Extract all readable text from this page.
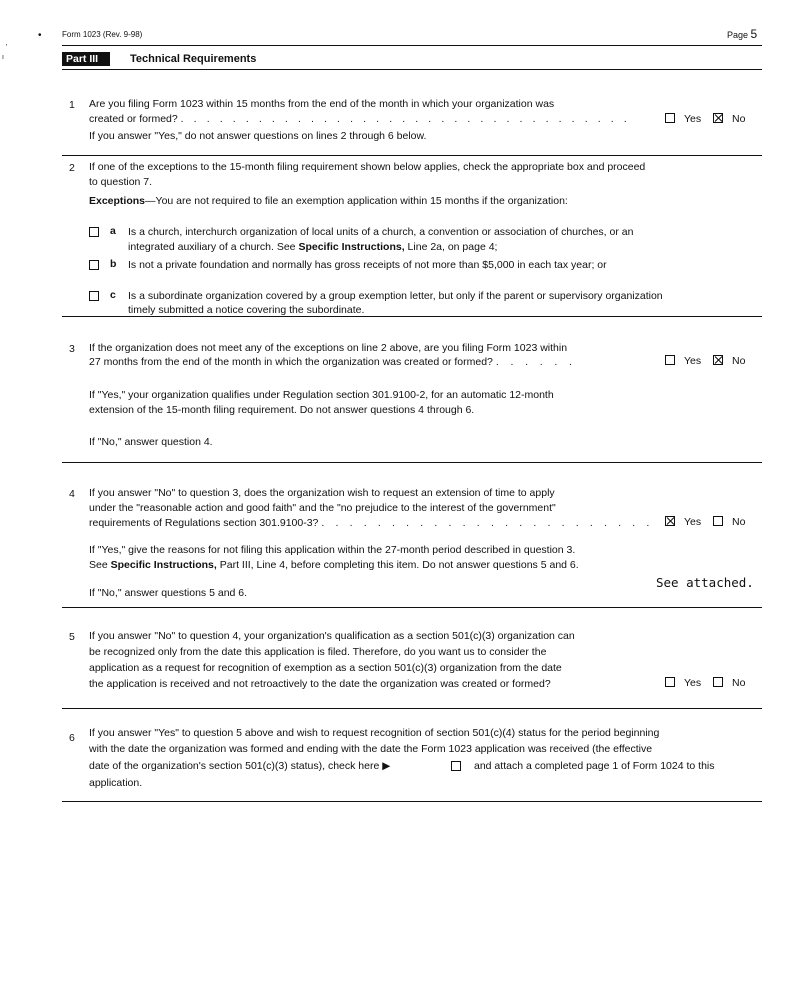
•
'
ı
Form 1023 (Rev. 9-98)	Page 5
Part III	Technical Requirements
1 Are you filing Form 1023 within 15 months from the end of the month in which your organization was
created or formed? . . . . . . . . . . . . . . . . . . . . . . . . . . . . . . . . . . .	Yes	No
If you answer "Yes," do not answer questions on lines 2 through 6 below.
2 If one of the exceptions to the 15-month filing requirement shown below applies, check the appropriate box and proceed
to question 7.
Exceptions—You are not required to file an exemption application within 15 months if the organization:
a Is a church, interchurch organization of local units of a church, a convention or association of churches, or an
integrated auxiliary of a church. See Specific Instructions, Line 2a, on page 4;
b Is not a private foundation and normally has gross receipts of not more than $5,000 in each tax year; or
c Is a subordinate organization covered by a group exemption letter, but only if the parent or supervisory organization
timely submitted a notice covering the subordinate.
3 If the organization does not meet any of the exceptions on line 2 above, are you filing Form 1023 within
27 months from the end of the month in which the organization was created or formed? . . . . . .	Yes	No
If "Yes," your organization qualifies under Regulation section 301.9100-2, for an automatic 12-month
extension of the 15-month filing requirement. Do not answer questions 4 through 6.
If "No," answer question 4.
4 If you answer "No" to question 3, does the organization wish to request an extension of time to apply
under the "reasonable action and good faith" and the "no prejudice to the interest of the government"
requirements of Regulations section 301.9100-3? . . . . . . . . . . . . . . . . . . . . . . . .	Yes	No
If "Yes," give the reasons for not filing this application within the 27-month period described in question 3.
See Specific Instructions, Part III, Line 4, before completing this item. Do not answer questions 5 and 6.
See attached.
If "No," answer questions 5 and 6.
5 If you answer "No" to question 4, your organization's qualification as a section 501(c)(3) organization can
be recognized only from the date this application is filed. Therefore, do you want us to consider the
application as a request for recognition of exemption as a section 501(c)(3) organization from the date
the application is received and not retroactively to the date the organization was created or formed?	Yes	No
6 If you answer "Yes" to question 5 above and wish to request recognition of section 501(c)(4) status for the period beginning
with the date the organization was formed and ending with the date the Form 1023 application was received (the effective
date of the organization's section 501(c)(3) status), check here ▶	and attach a completed page 1 of Form 1024 to this
application.
